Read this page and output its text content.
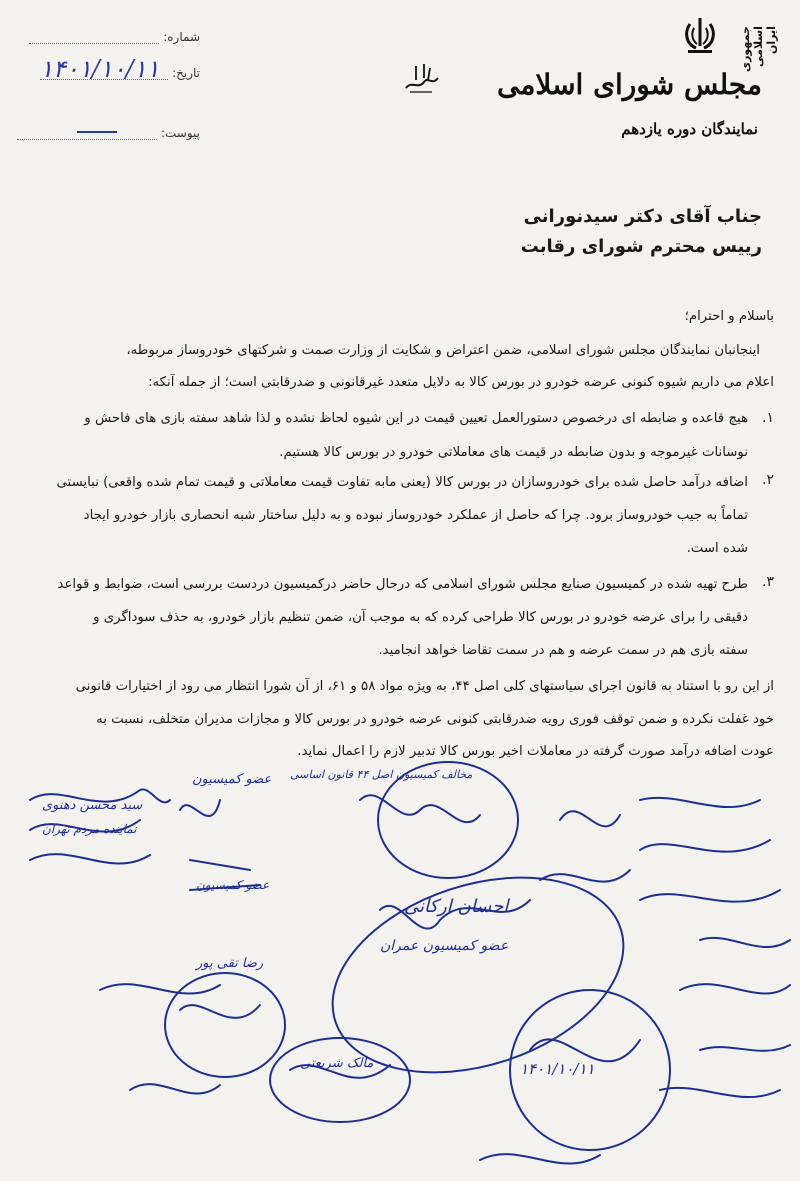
جمهوری اسلامی ایران
مجلس شورای اسلامی
نمایندگان دوره یازدهم
شماره:
تاریخ:
۱۴۰۱/۱۰/۱۱
پیوست:
جناب آقای دکتر سیدنورانی
رییس محترم شورای رقابت
باسلام و احترام؛
اینجانبان نمایندگان مجلس شورای اسلامی، ضمن اعتراض و شکایت از وزارت صمت و شرکتهای خودروساز مربوطه،
اعلام می داریم شیوه کنونی عرضه خودرو در بورس کالا به دلایل متعدد غیرقانونی و ضدرقابتی است؛ از جمله آنکه:
۱.
هیچ قاعده و ضابطه ای درخصوص دستورالعمل تعیین قیمت در این شیوه لحاظ نشده و لذا شاهد سفته بازی های فاحش و
نوسانات غیرموجه و بدون ضابطه در قیمت های معاملاتی خودرو در بورس کالا هستیم.
۲.
اضافه درآمد حاصل شده برای خودروسازان در بورس کالا (یعنی مابه تفاوت قیمت معاملاتی و قیمت تمام شده واقعی) نبایستی
تماماً به جیب خودروساز برود. چرا که حاصل از عملکرد خودروساز نبوده و به دلیل ساختار شبه انحصاری بازار خودرو ایجاد
شده است.
۳.
طرح تهیه شده در کمیسیون صنایع مجلس شورای اسلامی که درحال حاضر درکمیسیون دردست بررسی است، ضوابط و قواعد
دقیقی را برای عرضه خودرو در بورس کالا طراحی کرده که به موجب آن، ضمن تنظیم بازار خودرو، به حذف سوداگری و
سفته بازی هم در سمت عرضه و هم در سمت تقاضا خواهد انجامید.
از این رو با استناد به قانون اجرای سیاستهای کلی اصل ۴۴، به ویژه مواد ۵۸ و ۶۱، از آن شورا انتظار می رود از اختیارات قانونی
خود غفلت نکرده و ضمن توقف فوری رویه ضدرقابتی کنونی عرضه خودرو در بورس کالا و مجازات مدیران متخلف، نسبت به
عودت اضافه درآمد صورت گرفته در معاملات اخیر بورس کالا تدبیر لازم را اعمال نماید.
عضو کمیسیون مخالف کمیسیون اصل ۴۴ قانون اساسی
سید محسن دهنوی
نماینده مردم تهران
عضو کمیسیون
احسان ارکانی
عضو کمیسیون عمران
رضا تقی پور
مالک شریعتی	۱۴۰۱/۱۰/۱۱
